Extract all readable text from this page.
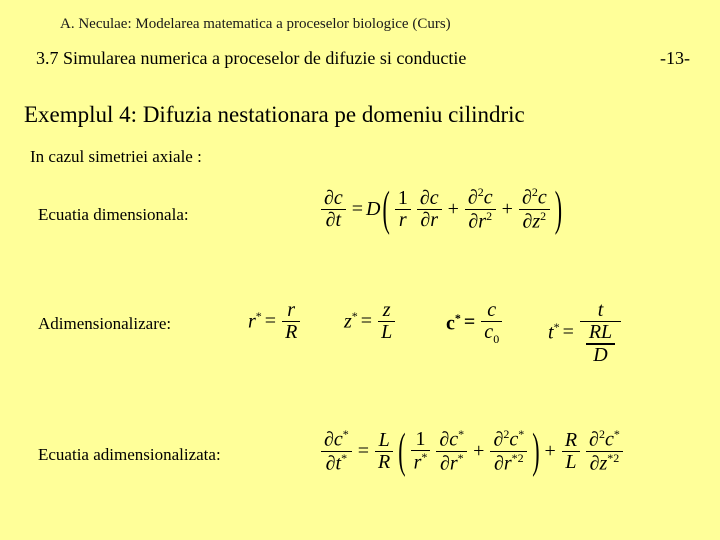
A. Neculae: Modelarea matematica a proceselor biologice (Curs)
3.7 Simularea numerica a proceselor de difuzie si conductie	-13-
Exemplul 4: Difuzia nestationara pe domeniu cilindric
In cazul simetriei axiale :
Ecuatia dimensionala:	$\frac{\partial c}{\partial t} = D$ ( $\frac{1}{r} \frac{\partial c}{\partial r} + \frac{\partial^2c}{\partial r^2} + \frac{\partial^2c}{\partial z^2}$ )
Adimensionalizare:	$r^* = \frac{r}{R} z^* = \frac{z}{L}$	$c^* = \frac{c}{c_0} t^* = \frac{t}{\frac{RL}{D}}$
Ecuatia adimensionalizata:	$\frac{\partial c^*}{\partial t^*} = \frac{L}{R}$ ( $\frac{1}{r^*} \frac{\partial c^*}{\partial r^*} + \frac{\partial^2c^*}{\partial r^{*2}}$ ) + $\frac{R}{L} \frac{\partial^2c^*}{\partial z^{*2}}$
